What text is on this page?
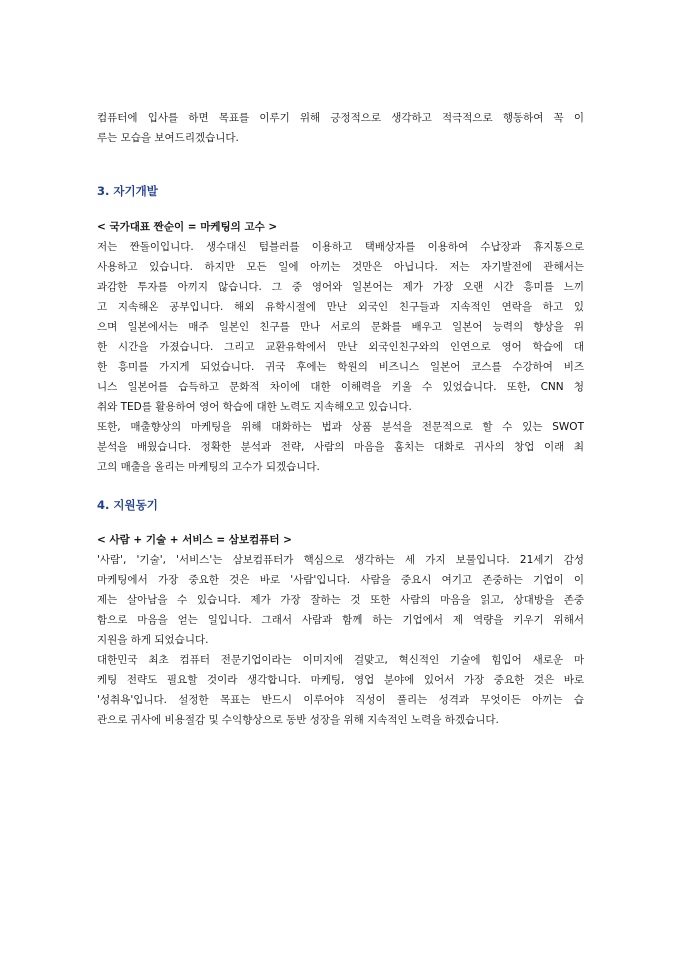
컴퓨터에 입사를 하면 목표를 이루기 위해 긍정적으로 생각하고 적극적으로 행동하여 꼭 이
루는 모습을 보여드리겠습니다.
3. 자기개발
< 국가대표 짠순이 = 마케팅의 고수 >
저는 짠돌이입니다. 생수대신 텀블러를 이용하고 택배상자를 이용하여 수납장과 휴지통으로
사용하고 있습니다. 하지만 모든 일에 아끼는 것만은 아닙니다. 저는 자기발전에 관해서는
과감한 투자를 아끼지 않습니다. 그 중 영어와 일본어는 제가 가장 오랜 시간 흥미를 느끼
고 지속해온 공부입니다. 해외 유학시절에 만난 외국인 친구들과 지속적인 연락을 하고 있
으며 일본에서는 매주 일본인 친구를 만나 서로의 문화를 배우고 일본어 능력의 향상을 위
한 시간을 가졌습니다. 그리고 교환유학에서 만난 외국인친구와의 인연으로 영어 학습에 대
한 흥미를 가지게 되었습니다. 귀국 후에는 학원의 비즈니스 일본어 코스를 수강하여 비즈
니스 일본어를 습득하고 문화적 차이에 대한 이해력을 키울 수 있었습니다. 또한, CNN 청
취와 TED를 활용하여 영어 학습에 대한 노력도 지속해오고 있습니다.
또한, 매출향상의 마케팅을 위해 대화하는 법과 상품 분석을 전문적으로 할 수 있는 SWOT
분석을 배웠습니다. 정확한 분석과 전략, 사람의 마음을 훔치는 대화로 귀사의 창업 이래 최
고의 매출을 올리는 마케팅의 고수가 되겠습니다.
4. 지원동기
< 사람 + 기술 + 서비스 = 삼보컴퓨터 >
'사람', '기술', '서비스'는 삼보컴퓨터가 핵심으로 생각하는 세 가지 보물입니다. 21세기 감성
마케팅에서 가장 중요한 것은 바로 '사람'입니다. 사람을 중요시 여기고 존중하는 기업이 이
제는 살아남을 수 있습니다. 제가 가장 잘하는 것 또한 사람의 마음을 읽고, 상대방을 존중
함으로 마음을 얻는 일입니다. 그래서 사람과 함께 하는 기업에서 제 역량을 키우기 위해서
지원을 하게 되었습니다.
대한민국 최초 컴퓨터 전문기업이라는 이미지에 걸맞고, 혁신적인 기술에 힘입어 새로운 마
케팅 전략도 필요할 것이라 생각합니다. 마케팅, 영업 분야에 있어서 가장 중요한 것은 바로
'성취욕'입니다. 설정한 목표는 반드시 이루어야 직성이 풀리는 성격과 무엇이든 아끼는 습
관으로 귀사에 비용절감 및 수익향상으로 동반 성장을 위해 지속적인 노력을 하겠습니다.
